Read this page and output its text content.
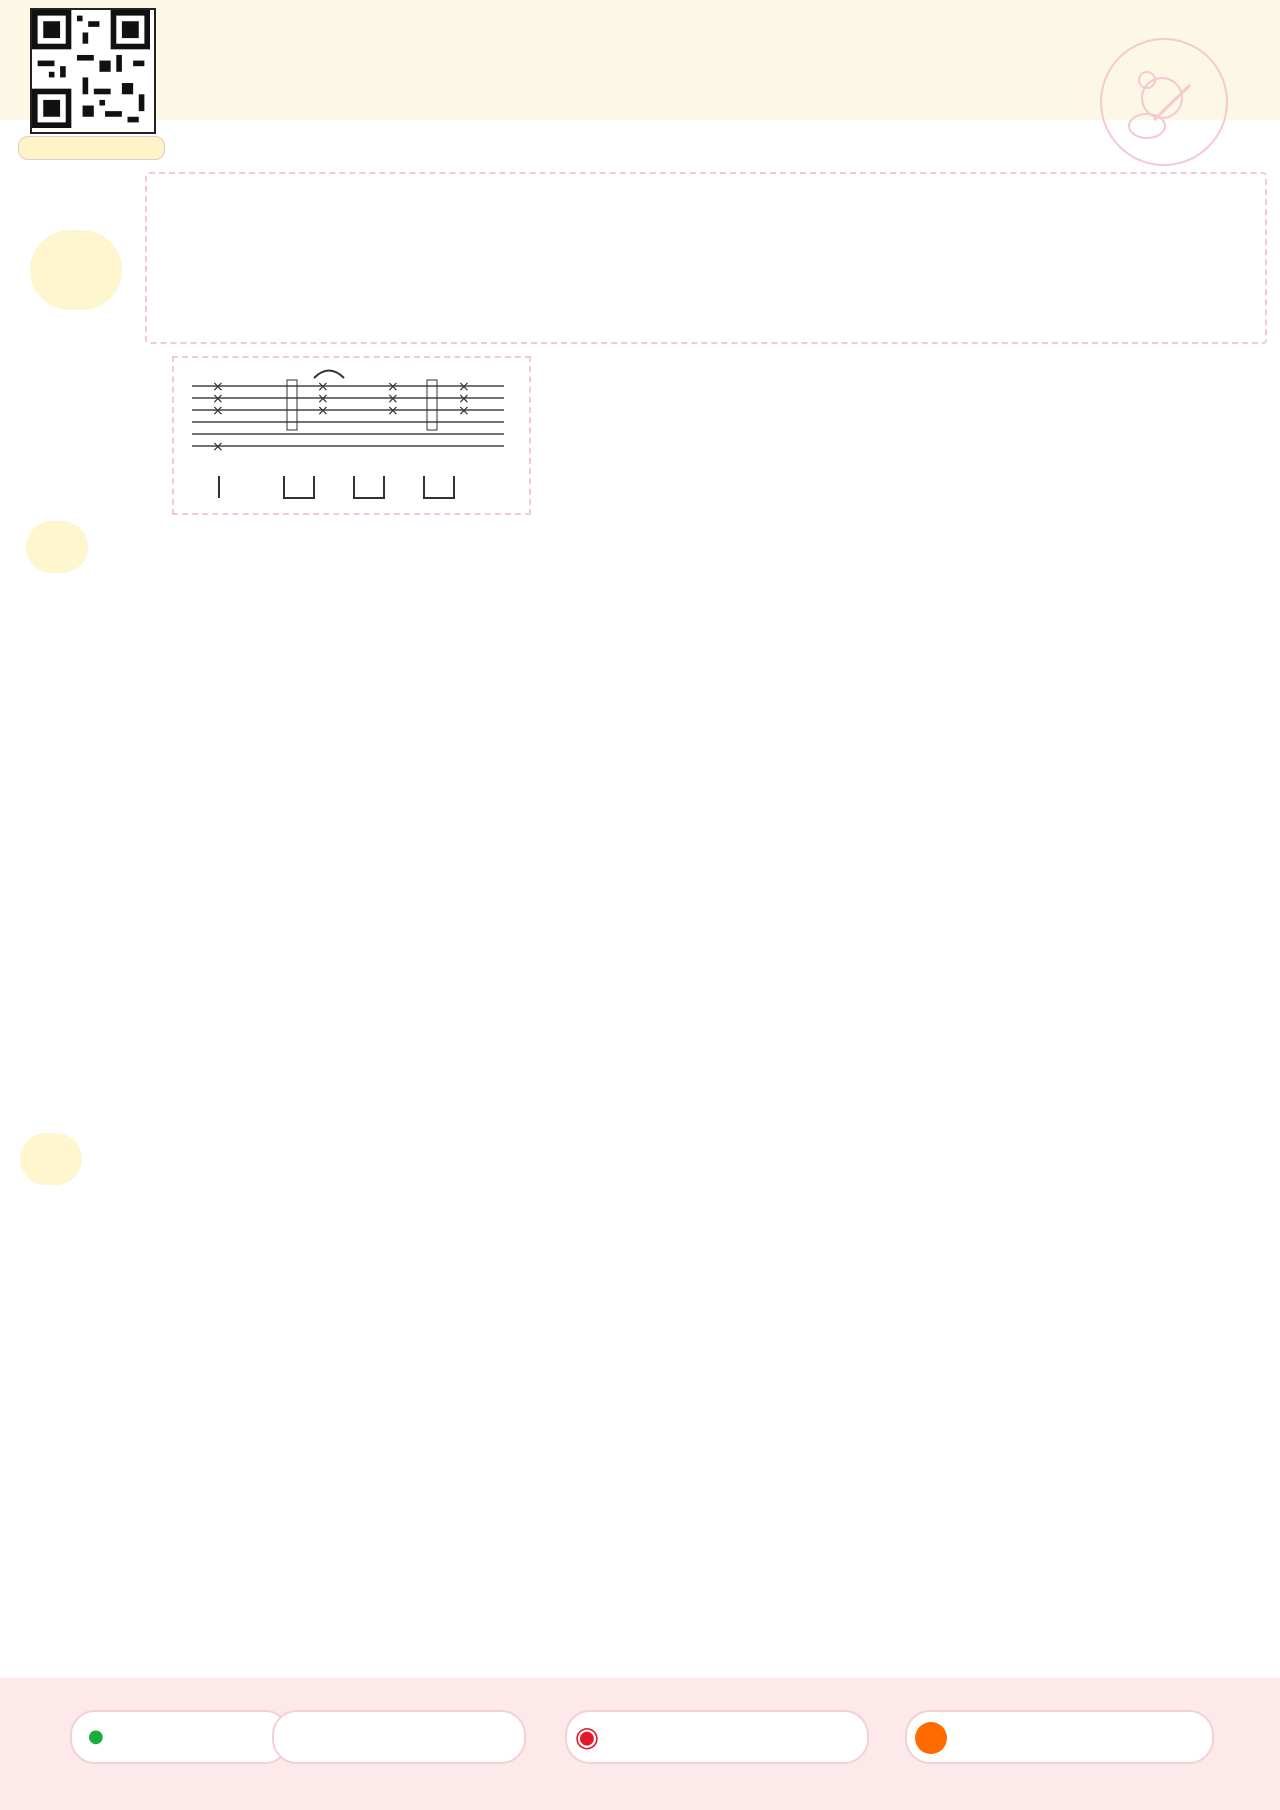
×
×
×
×
×
×
×
×
×
×
×
×
×
●	◉
